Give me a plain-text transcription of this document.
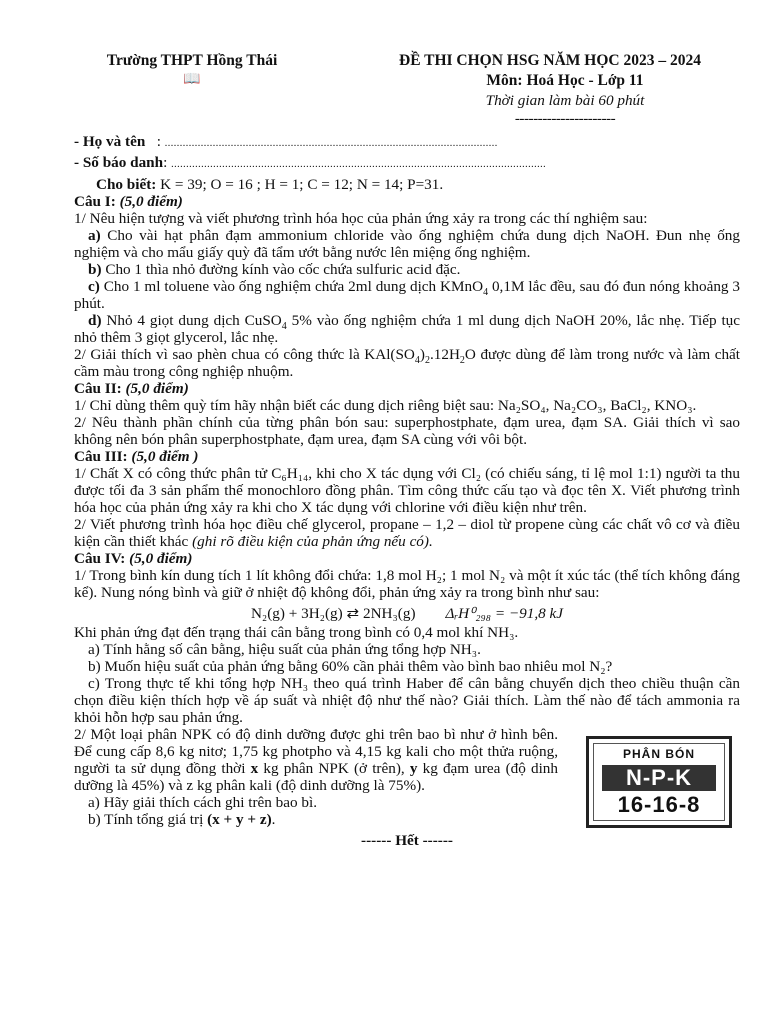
Trường THPT Hồng Thái
📖
ĐỀ THI CHỌN HSG NĂM HỌC 2023 – 2024
Môn: Hoá Học - Lớp 11
Thời gian làm bài 60 phút
----------------------
- Họ và tên : ...............................................................................................................
- Số báo danh: .............................................................................................................................
Cho biết: K = 39; O = 16 ; H = 1; C = 12; N = 14; P=31.
Câu I: (5,0 điểm)

1/ Nêu hiện tượng và viết phương trình hóa học của phản ứng xảy ra trong các thí nghiệm sau:

a) Cho vài hạt phân đạm ammonium chloride vào ống nghiệm chứa dung dịch NaOH. Đun nhẹ ống nghiệm và cho mẩu giấy quỳ đã tẩm ướt bằng nước lên miệng ống nghiệm.

b) Cho 1 thìa nhỏ đường kính vào cốc chứa sulfuric acid đặc.

c) Cho 1 ml toluene vào ống nghiệm chứa 2ml dung dịch KMnO$_4$ 0,1M lắc đều, sau đó đun nóng khoảng 3 phút.

d) Nhỏ 4 giọt dung dịch CuSO$_4$ 5% vào ống nghiệm chứa 1 ml dung dịch NaOH 20%, lắc nhẹ. Tiếp tục nhỏ thêm 3 giọt glycerol, lắc nhẹ.

2/ Giải thích vì sao phèn chua có công thức là $KAl(SO_4)_2.12H_2O$ được dùng để làm trong nước và làm chất cầm màu trong công nghiệp nhuộm.

Câu II: (5,0 điểm)

1/ Chỉ dùng thêm quỳ tím hãy nhận biết các dung dịch riêng biệt sau: Na₂SO₄, Na₂CO₃, BaCl₂, KNO₃.

2/ Nêu thành phần chính của từng phân bón sau: superphostphate, đạm urea, đạm SA. Giải thích vì sao không nên bón phân superphostphate, đạm urea, đạm SA cùng với vôi bột.

Câu III: (5,0 điểm )

1/ Chất X có công thức phân tử C₆H₁₄, khi cho X tác dụng với Cl₂ (có chiếu sáng, tỉ lệ mol 1:1) người ta thu được tối đa 3 sản phẩm thế monochloro đồng phân. Tìm công thức cấu tạo và đọc tên X. Viết phương trình hóa học của phản ứng xảy ra khi cho X tác dụng với chlorine với điều kiện như trên.

2/ Viết phương trình hóa học điều chế glycerol, propane – 1,2 – diol từ propene cùng các chất vô cơ và điều kiện cần thiết khác (ghi rõ điều kiện của phản ứng nếu có).

Câu IV: (5,0 điểm)

1/ Trong bình kín dung tích 1 lít không đổi chứa: 1,8 mol H₂; 1 mol N₂ và một ít xúc tác (thể tích không đáng kể). Nung nóng bình và giữ ở nhiệt độ không đổi, phản ứng xảy ra trong bình như sau:

N₂(g) + 3H₂(g) ⇄ 2NH₃(g) ΔᵣH⁰₂₉₈ = −91,8 kJ

Khi phản ứng đạt đến trạng thái cân bằng trong bình có 0,4 mol khí NH₃.

a) Tính hằng số cân bằng, hiệu suất của phản ứng tổng hợp NH₃.

b) Muốn hiệu suất của phản ứng bằng 60% cần phải thêm vào bình bao nhiêu mol N₂?

c) Trong thực tế khi tổng hợp NH₃ theo quá trình Haber để cân bằng chuyển dịch theo chiều thuận cần chọn điều kiện thích hợp về áp suất và nhiệt độ như thế nào? Giải thích. Làm thế nào để tách ammonia ra khỏi hỗn hợp sau phản ứng.

2/ Một loại phân NPK có độ dinh dưỡng được ghi trên bao bì như ở hình bên. Để cung cấp 8,6 kg nitơ; 1,75 kg photpho và 4,15 kg kali cho một thửa ruộng, người ta sử dụng đồng thời x kg phân NPK (ở trên), y kg đạm urea (độ dinh dưỡng là 45%) và z kg phân kali (độ dinh dưỡng là 75%).

a) Hãy giải thích cách ghi trên bao bì.

b) Tính tổng giá trị (x + y + z).

PHÂN BÓN
N-P-K
16-16-8
------ Hết ------
